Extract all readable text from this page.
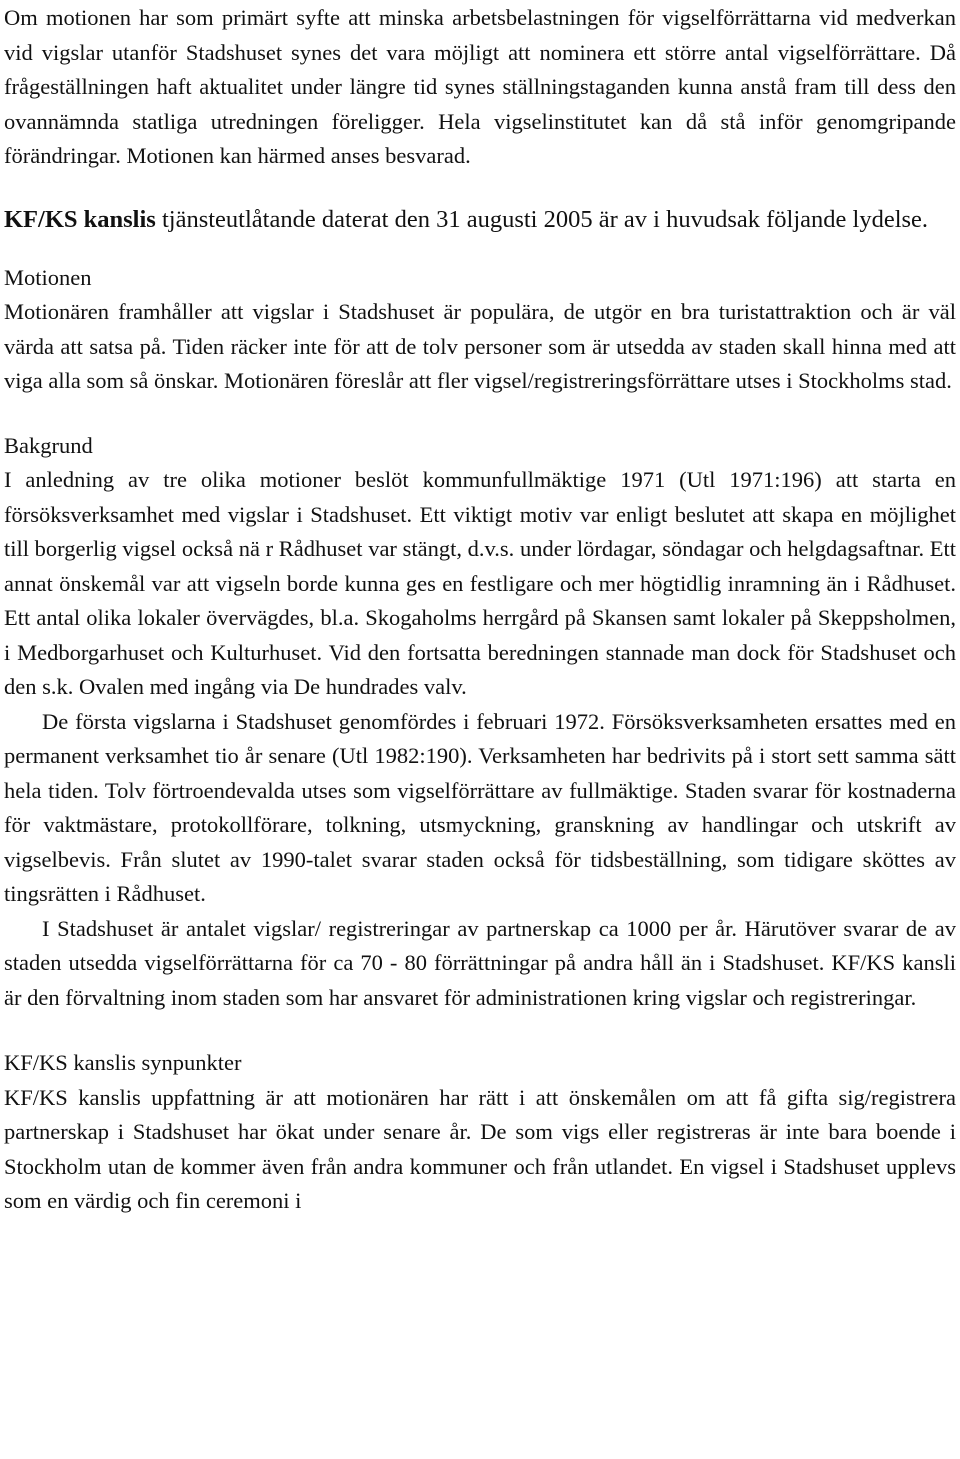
Om motionen har som primärt syfte att minska arbetsbelastningen för vigselförrättarna vid medverkan vid vigslar utanför Stadshuset synes det vara möjligt att nominera ett större antal vigselförrättare. Då frågeställningen haft aktualitet under längre tid synes ställningstaganden kunna anstå fram till dess den ovannämnda statliga utredningen föreligger. Hela vigselinstitutet kan då stå inför genomgripande förändringar. Motionen kan härmed anses besvarad.

KF/KS kanslis tjänsteutlåtande daterat den 31 augusti 2005 är av i huvudsak följande lydelse.

Motionen

Motionären framhåller att vigslar i Stadshuset är populära, de utgör en bra turistattraktion och är väl värda att satsa på. Tiden räcker inte för att de tolv personer som är utsedda av staden skall hinna med att viga alla som så önskar. Motionären föreslår att fler vigsel/registreringsförrättare utses i Stockholms stad.

Bakgrund

I anledning av tre olika motioner beslöt kommunfullmäktige 1971 (Utl 1971:196) att starta en försöksverksamhet med vigslar i Stadshuset. Ett viktigt motiv var enligt beslutet att skapa en möjlighet till borgerlig vigsel också nä r Rådhuset var stängt, d.v.s. under lördagar, söndagar och helgdagsaftnar. Ett annat önskemål var att vigseln borde kunna ges en festligare och mer högtidlig inramning än i Rådhuset. Ett antal olika lokaler övervägdes, bl.a. Skogaholms herrgård på Skansen samt lokaler på Skeppsholmen, i Medborgarhuset och Kulturhuset. Vid den fortsatta beredningen stannade man dock för Stadshuset och den s.k. Ovalen med ingång via De hundrades valv.

De första vigslarna i Stadshuset genomfördes i februari 1972. Försöksverksamheten ersattes med en permanent verksamhet tio år senare (Utl 1982:190). Verksamheten har bedrivits på i stort sett samma sätt hela tiden. Tolv förtroendevalda utses som vigselförrättare av fullmäktige. Staden svarar för kostnaderna för vaktmästare, protokollförare, tolkning, utsmyckning, granskning av handlingar och utskrift av vigselbevis. Från slutet av 1990-talet svarar staden också för tidsbeställning, som tidigare sköttes av tingsrätten i Rådhuset.

I Stadshuset är antalet vigslar/ registreringar av partnerskap ca 1000 per år. Härutöver svarar de av staden utsedda vigselförrättarna för ca 70 - 80 förrättningar på andra håll än i Stadshuset. KF/KS kansli är den förvaltning inom staden som har ansvaret för administrationen kring vigslar och registreringar.

KF/KS kanslis synpunkter

KF/KS kanslis uppfattning är att motionären har rätt i att önskemålen om att få gifta sig/registrera partnerskap i Stadshuset har ökat under senare år. De som vigs eller registreras är inte bara boende i Stockholm utan de kommer även från andra kommuner och från utlandet. En vigsel i Stadshuset upplevs som en värdig och fin ceremoni i
